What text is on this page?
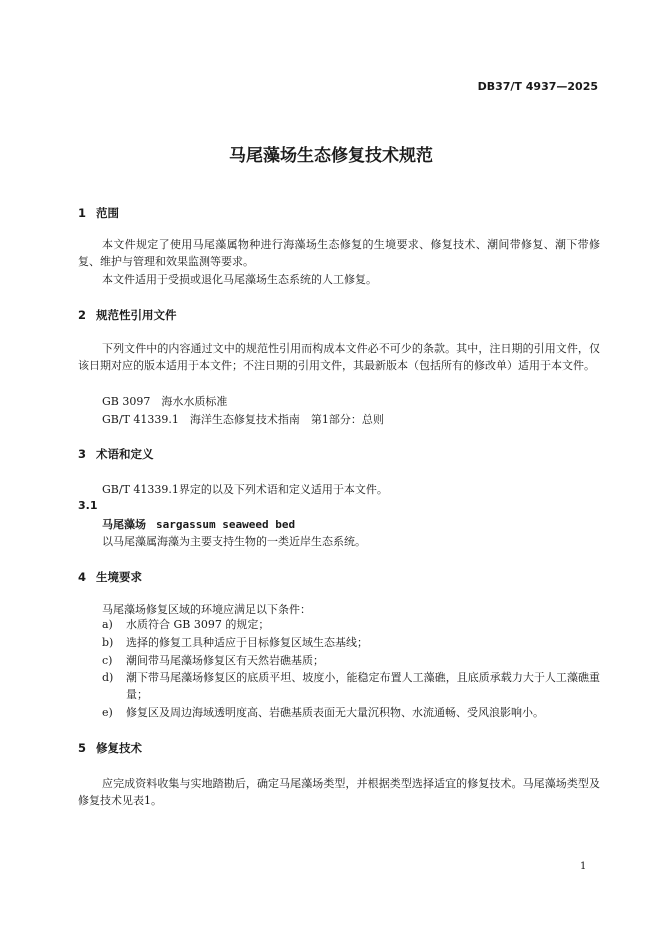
DB37/T 4937—2025
马尾藻场生态修复技术规范
1 范围
本文件规定了使用马尾藻属物种进行海藻场生态修复的生境要求、修复技术、潮间带修复、潮下带修复、维护与管理和效果监测等要求。
本文件适用于受损或退化马尾藻场生态系统的人工修复。
2 规范性引用文件
下列文件中的内容通过文中的规范性引用而构成本文件必不可少的条款。其中，注日期的引用文件，仅该日期对应的版本适用于本文件；不注日期的引用文件，其最新版本（包括所有的修改单）适用于本文件。
GB 3097　海水水质标准
GB/T 41339.1　海洋生态修复技术指南　第1部分：总则
3 术语和定义
GB/T 41339.1界定的以及下列术语和定义适用于本文件。
3.1
马尾藻场 sargassum seaweed bed
以马尾藻属海藻为主要支持生物的一类近岸生态系统。
4 生境要求
马尾藻场修复区域的环境应满足以下条件：
a)	水质符合 GB 3097 的规定；
b)	选择的修复工具种适应于目标修复区域生态基线；
c)	潮间带马尾藻场修复区有天然岩礁基质；
d)	潮下带马尾藻场修复区的底质平坦、坡度小，能稳定布置人工藻礁，且底质承载力大于人工藻礁重量；
e)	修复区及周边海域透明度高、岩礁基质表面无大量沉积物、水流通畅、受风浪影响小。
5 修复技术
应完成资料收集与实地踏勘后，确定马尾藻场类型，并根据类型选择适宜的修复技术。马尾藻场类型及修复技术见表1。
1
